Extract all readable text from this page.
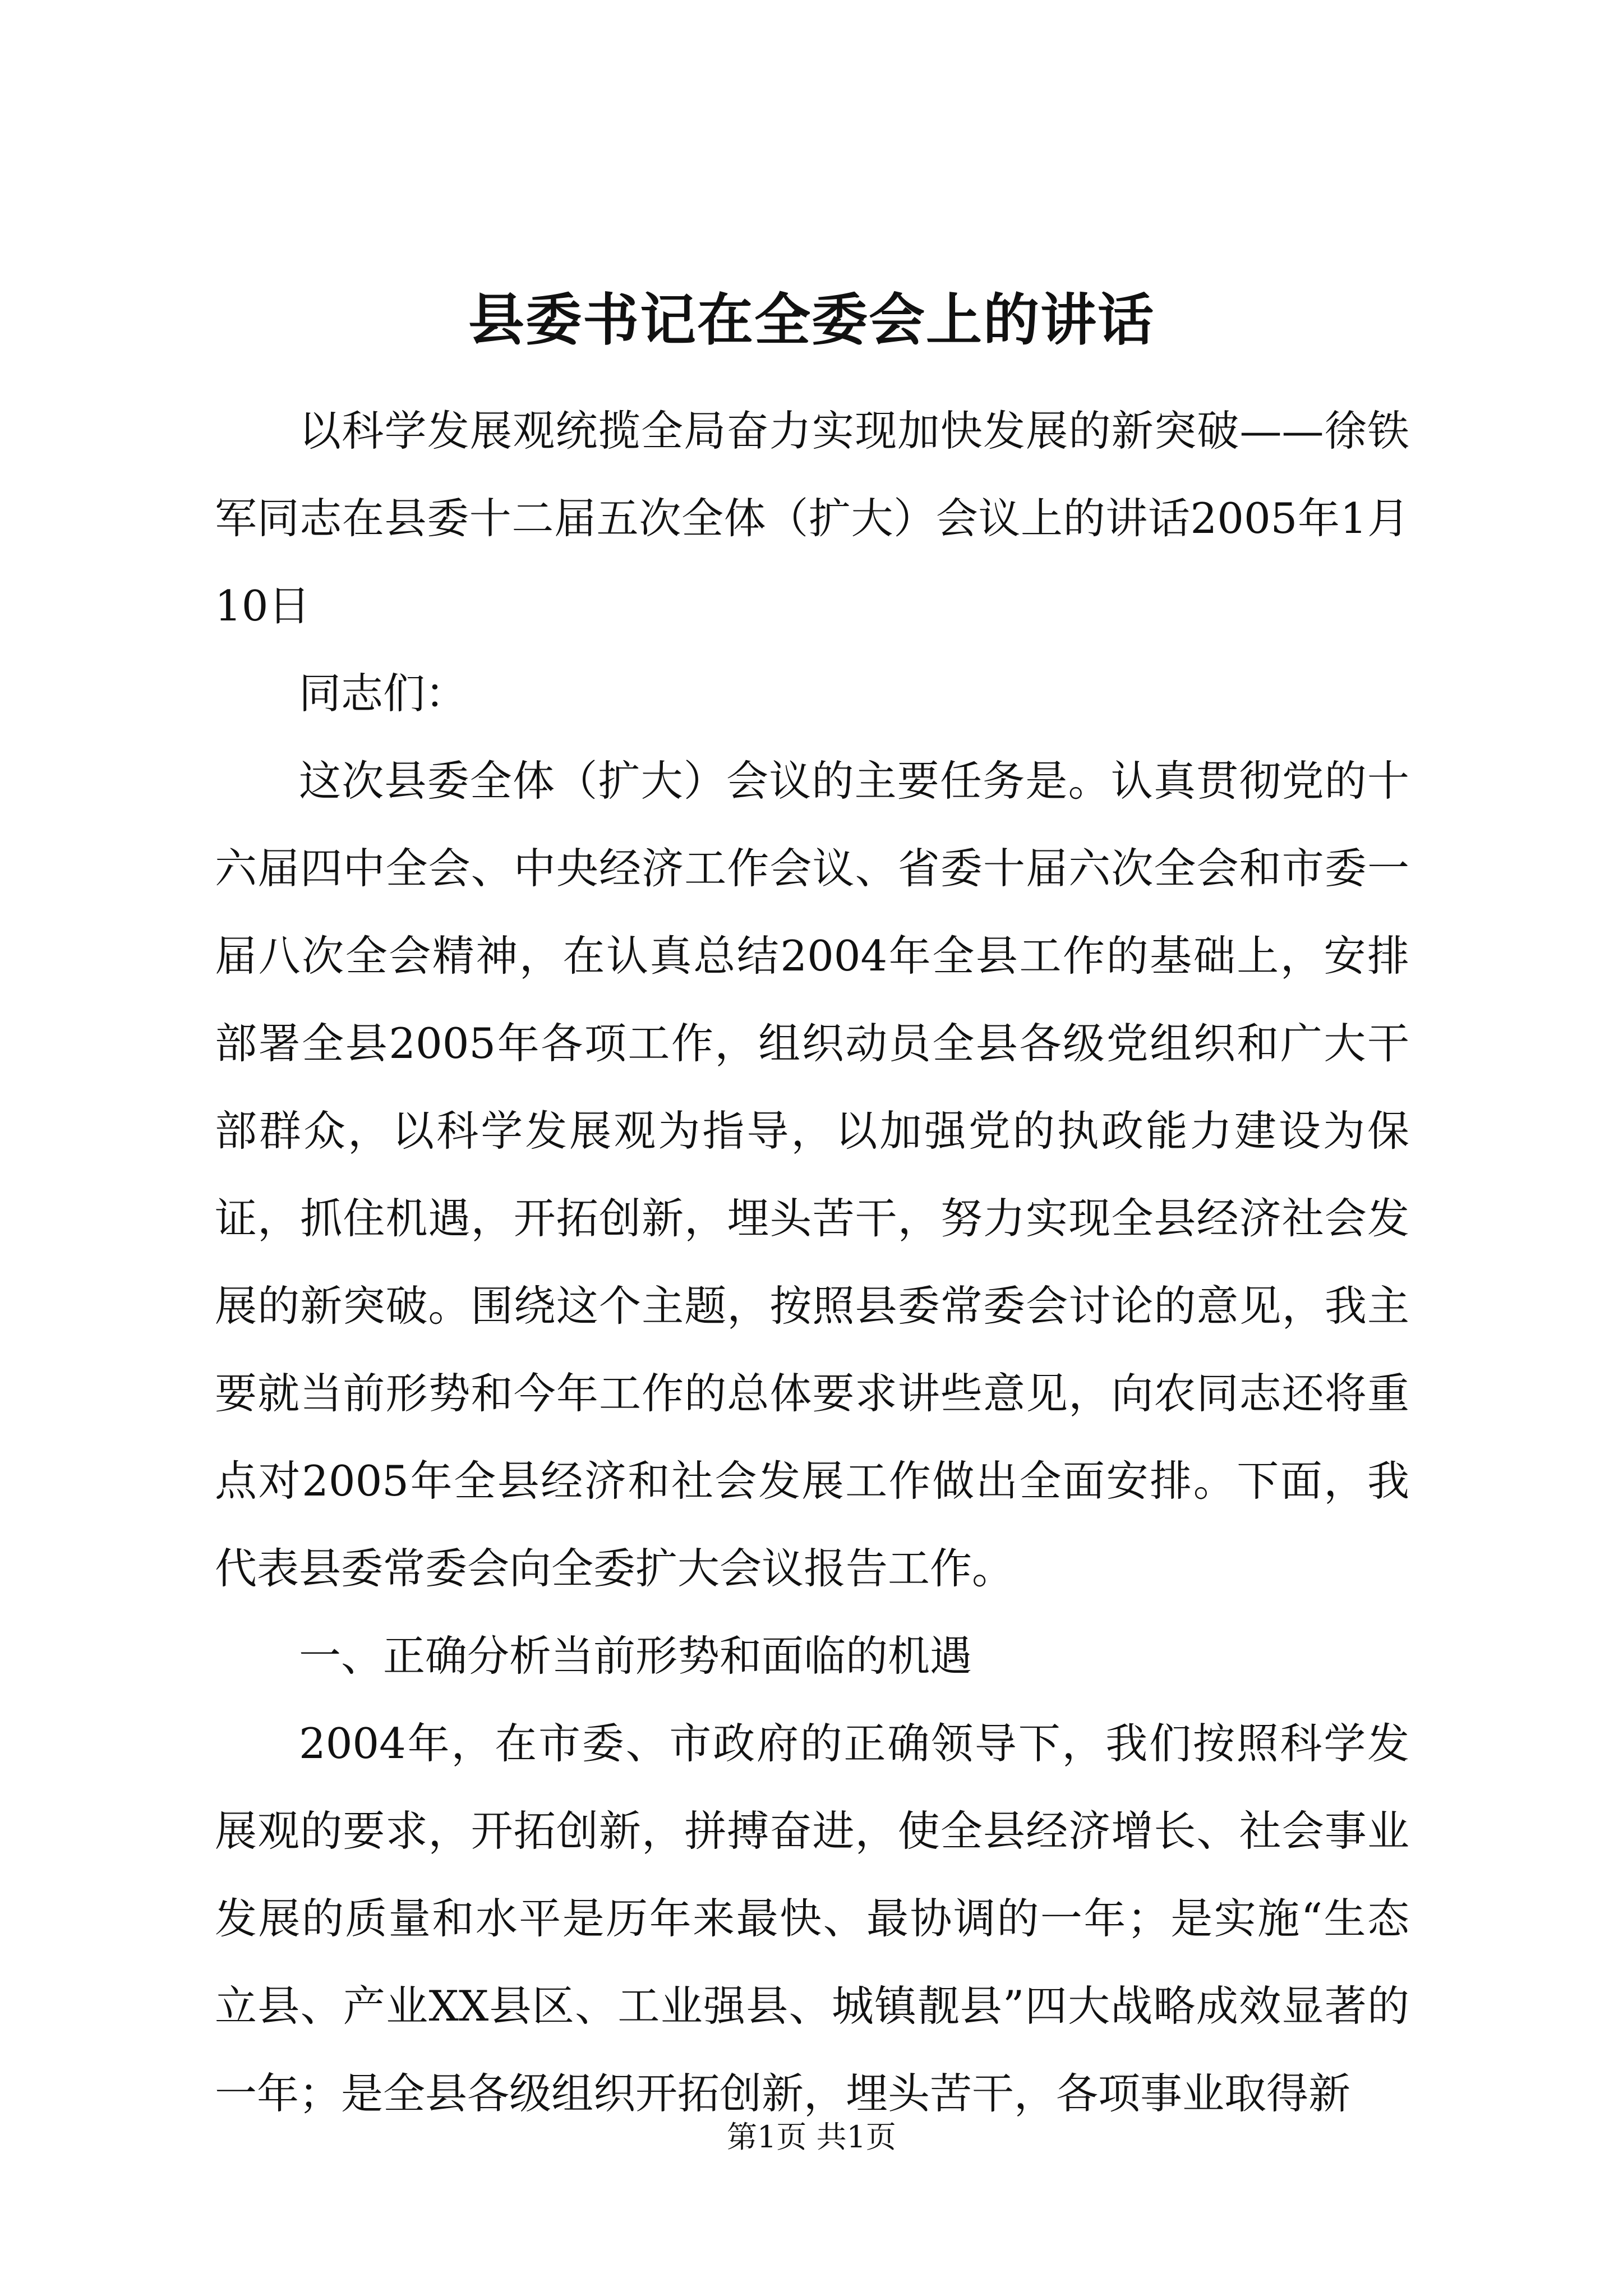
县委书记在全委会上的讲话

以科学发展观统揽全局奋力实现加快发展的新突破——徐铁军同志在县委十二届五次全体（扩大）会议上的讲话2005年1月10日

同志们：

这次县委全体（扩大）会议的主要任务是。认真贯彻党的十六届四中全会、中央经济工作会议、省委十届六次全会和市委一届八次全会精神，在认真总结2004年全县工作的基础上，安排部署全县2005年各项工作，组织动员全县各级党组织和广大干部群众，以科学发展观为指导，以加强党的执政能力建设为保证，抓住机遇，开拓创新，埋头苦干，努力实现全县经济社会发展的新突破。围绕这个主题，按照县委常委会讨论的意见，我主要就当前形势和今年工作的总体要求讲些意见，向农同志还将重点对2005年全县经济和社会发展工作做出全面安排。下面，我代表县委常委会向全委扩大会议报告工作。

一、正确分析当前形势和面临的机遇

2004年，在市委、市政府的正确领导下，我们按照科学发展观的要求，开拓创新，拼搏奋进，使全县经济增长、社会事业发展的质量和水平是历年来最快、最协调的一年；是实施“生态立县、产业XX县区、工业强县、城镇靓县”四大战略成效显著的一年；是全县各级组织开拓创新，埋头苦干，各项事业取得新

第1页 共1页
